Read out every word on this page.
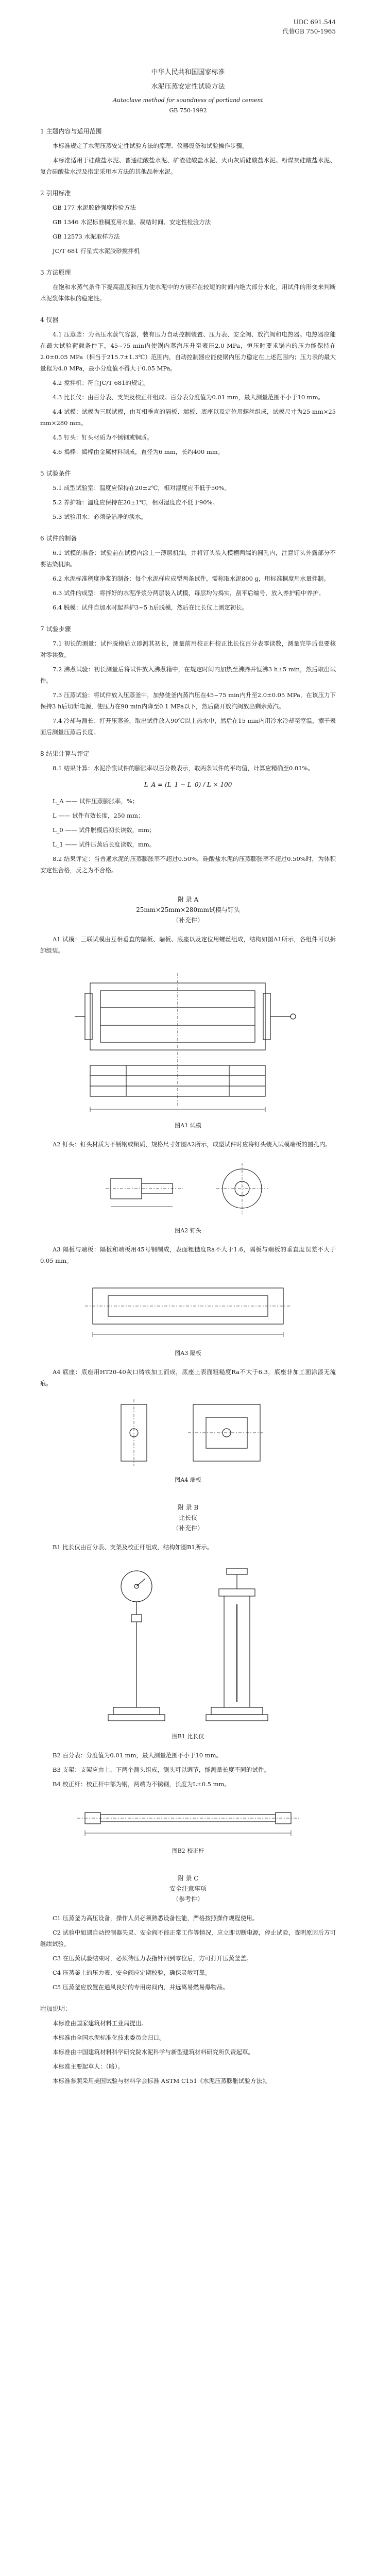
UDC 691.544
代替GB 750-1965
中华人民共和国国家标准
水泥压蒸安定性试验方法
Autoclave method for soundness of portland cement
GB 750-1992
1 主题内容与适用范围

本标准规定了水泥压蒸安定性试验方法的原理、仪器设备和试验操作步骤。

本标准适用于硅酸盐水泥、普通硅酸盐水泥、矿渣硅酸盐水泥、火山灰质硅酸盐水泥、粉煤灰硅酸盐水泥、复合硅酸盐水泥及指定采用本方法的其他品种水泥。

2 引用标准

GB 177 水泥胶砂强度检验方法

GB 1346 水泥标准稠度用水量、凝结时间、安定性检验方法

GB 12573 水泥取样方法

JC/T 681 行星式水泥胶砂搅拌机

3 方法原理

在饱和水蒸气条件下提高温度和压力使水泥中的方镁石在较短的时间内绝大部分水化，用试件的形变来判断水泥浆体体积的稳定性。

4 仪器

4.1 压蒸釜：为高压水蒸气容器，装有压力自动控制装置、压力表、安全阀、放汽阀和电热器。电热器应能在最大试验荷载条件下，45~75 min内使锅内蒸汽压升至表压2.0 MPa，恒压时要求锅内的压力能保持在2.0±0.05 MPa（相当于215.7±1.3℃）范围内，自动控制器应能使锅内压力稳定在上述范围内；压力表的最大量程为4.0 MPa，最小分度值不得大于0.05 MPa。

4.2 搅拌机：符合JC/T 681的规定。

4.3 比长仪：由百分表、支架及校正杆组成。百分表分度值为0.01 mm，最大测量范围不小于10 mm。

4.4 试模：试模为三联试模，由互相垂直的隔板、端板、底座以及定位用螺丝组成，试模尺寸为25 mm×25 mm×280 mm。

4.5 钉头：钉头材质为不锈钢或铜质。

4.6 捣棒：捣棒由金属材料制成，直径为6 mm，长约400 mm。

5 试验条件

5.1 成型试验室：温度应保持在20±2℃，相对湿度应不低于50%。

5.2 养护箱：温度应保持在20±1℃，相对湿度应不低于90%。

5.3 试验用水：必须是洁净的淡水。

6 试件的制备

6.1 试模的准备：试验前在试模内涂上一薄层机油，并将钉头装入模槽两端的圆孔内，注意钉头外露部分不要沾染机油。

6.2 水泥标准稠度净浆的制备：每个水泥样应成型两条试件，需称取水泥800 g，用标准稠度用水量拌制。

6.3 试件的成型：将拌好的水泥净浆分两层装入试模，每层均匀捣实，刮平后编号，放入养护箱中养护。

6.4 脱模：试件自加水时起养护3~5 h后脱模，然后在比长仪上测定初长。

7 试验步骤

7.1 初长的测量：试件脱模后立即测其初长，测量前用校正杆校正比长仪百分表零读数，测量完毕后也要核对零读数。

7.2 沸煮试验：初长测量后将试件放入沸煮箱中，在规定时间内加热至沸腾并恒沸3 h±5 min，然后取出试件。

7.3 压蒸试验：将试件放入压蒸釜中，加热使釜内蒸汽压在45~75 min内升至2.0±0.05 MPa，在该压力下保持3 h后切断电源，使压力在90 min内降至0.1 MPa以下，然后微开放汽阀放出剩余蒸汽。

7.4 冷却与测长：打开压蒸釜，取出试件放入90℃以上热水中，然后在15 min内用冷水冷却至室温，擦干表面后测量压蒸后长度。

8 结果计算与评定

8.1 结果计算：水泥净浆试件的膨胀率以百分数表示，取两条试件的平均值，计算应精确至0.01%。

L_A = (L_1 − L_0) / L × 100

L_A —— 试件压蒸膨胀率，%；

L —— 试件有效长度，250 mm；

L_0 —— 试件脱模后初长读数，mm；

L_1 —— 试件压蒸后长度读数，mm。

8.2 结果评定：当普通水泥的压蒸膨胀率不超过0.50%，硅酸盐水泥的压蒸膨胀率不超过0.50%时，为体积安定性合格，反之为不合格。

附 录 A
25mm×25mm×280mm试模与钉头
（补充件）

A1 试模：三联试模由互相垂直的隔板、端板、底座以及定位用螺丝组成，结构如图A1所示，各组件可以拆卸组装。

图A1 试模

A2 钉头：钉头材质为不锈钢或铜质，规格尺寸如图A2所示，成型试件时应将钉头装入试模端板的圆孔内。

图A2 钉头

A3 隔板与端板：隔板和端板用45号钢制成，表面粗糙度Ra不大于1.6，隔板与端板的垂直度误差不大于0.05 mm。

图A3 隔板

A4 底座：底座用HT20-40灰口铸铁加工而成，底座上表面粗糙度Ra不大于6.3，底座非加工面涂漆无流痕。

图A4 端板
附 录 B
比长仪
（补充件）

B1 比长仪由百分表、支架及校正杆组成，结构如图B1所示。

图B1 比长仪

B2 百分表：分度值为0.01 mm，最大测量范围不小于10 mm。

B3 支架：支架应由上、下两个测头组成，测头可以调节，能测量长度不同的试件。

B4 校正杆：校正杆中部为钢，两端为不锈钢，长度为L±0.5 mm。

图B2 校正杆
附 录 C
安全注意事项
（参考件）

C1 压蒸釜为高压设备，操作人员必须熟悉设备性能，严格按照操作规程使用。

C2 试验中如遇自动控制器失灵、安全阀不能正常工作等情况，应立即切断电源，停止试验，查明原因后方可继续试验。

C3 在压蒸试验结束时，必须待压力表指针回到零位后，方可打开压蒸釜盖。

C4 压蒸釜上的压力表、安全阀应定期校验，确保灵敏可靠。

C5 压蒸釜应放置在通风良好的专用房间内，并远离易燃易爆物品。

附加说明：

本标准由国家建筑材料工业局提出。

本标准由全国水泥标准化技术委员会归口。

本标准由中国建筑材料科学研究院水泥科学与新型建筑材料研究所负责起草。

本标准主要起草人：（略）。

本标准参照采用美国试验与材料学会标准 ASTM C151《水泥压蒸膨胀试验方法》。
